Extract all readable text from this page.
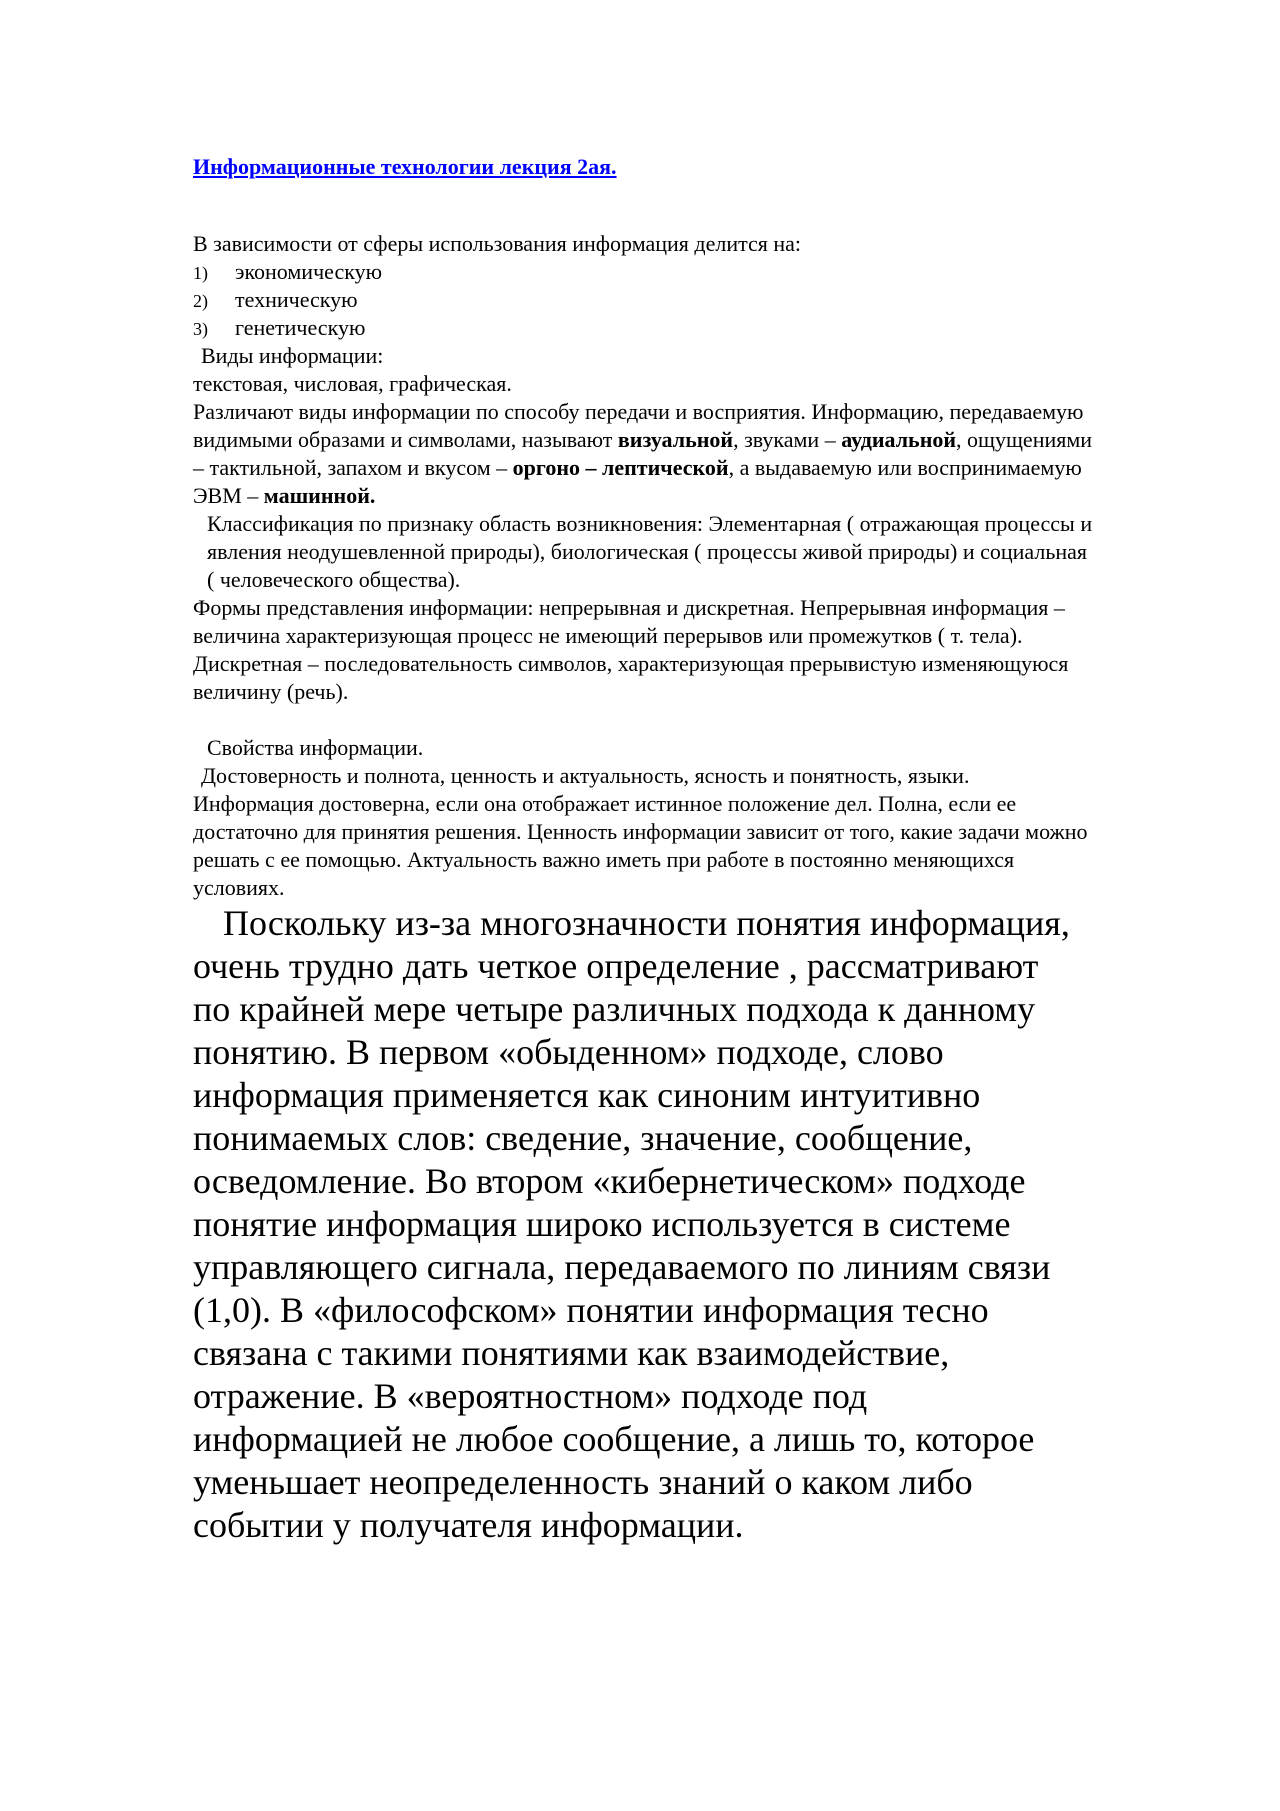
Информационные технологии лекция 2ая.

В зависимости от сферы использования информация делится на:

1) экономическую
2) техническую
3) генетическую

Виды информации:

текстовая, числовая, графическая.

Различают виды информации по способу передачи и восприятия. Информацию, передаваемую видимыми образами и символами, называют визуальной, звуками – аудиальной, ощущениями – тактильной, запахом и вкусом – оргоно – лептической, а выдаваемую или воспринимаемую ЭВМ – машинной.

Классификация по признаку область возникновения: Элементарная ( отражающая процессы и явления неодушевленной природы), биологическая ( процессы живой природы) и социальная ( человеческого общества).

Формы представления информации: непрерывная и дискретная. Непрерывная информация – величина характеризующая процесс не имеющий перерывов или промежутков ( т. тела). Дискретная – последовательность символов, характеризующая прерывистую изменяющуюся величину (речь).

Свойства информации.

Достоверность и полнота, ценность и актуальность, ясность и понятность, языки.

Информация достоверна, если она отображает истинное положение дел. Полна, если ее достаточно для принятия решения. Ценность информации зависит от того, какие задачи можно решать с ее помощью. Актуальность важно иметь при работе в постоянно меняющихся условиях.

Поскольку из-за многозначности понятия информация, очень трудно дать четкое определение , рассматривают по крайней мере четыре различных подхода к данному понятию. В первом «обыденном» подходе, слово информация применяется как синоним интуитивно понимаемых слов: сведение, значение, сообщение, осведомление. Во втором «кибернетическом» подходе понятие информация широко используется в системе управляющего сигнала, передаваемого по линиям связи (1,0). В «философском» понятии информация тесно связана с такими понятиями как взаимодействие, отражение. В «вероятностном» подходе под информацией не любое сообщение, а лишь то, которое уменьшает неопределенность знаний о каком либо событии у получателя информации.
